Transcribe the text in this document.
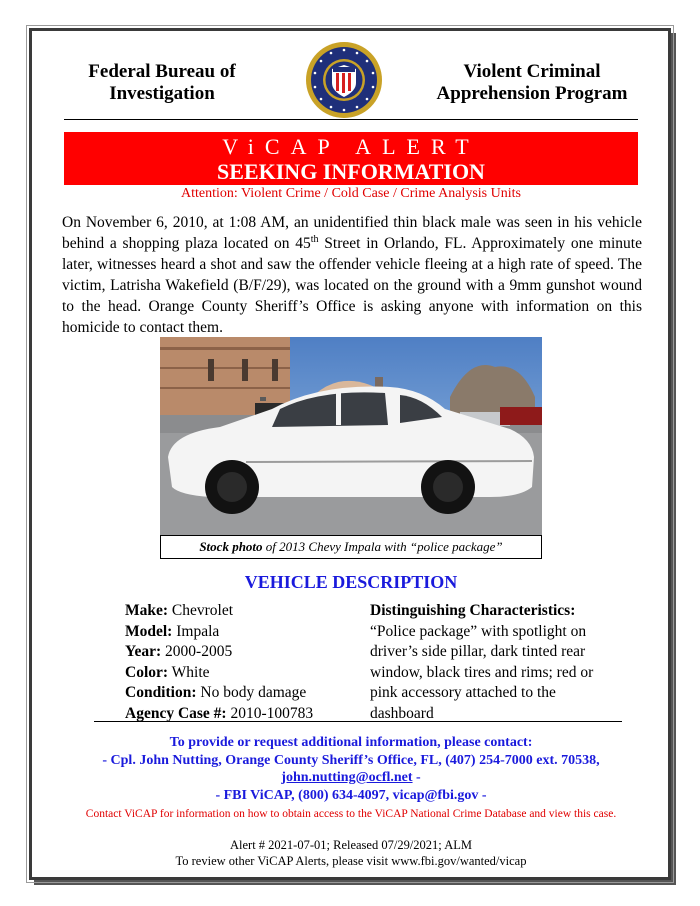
Federal Bureau of
Investigation
Violent Criminal
Apprehension Program
ViCAP ALERT
SEEKING INFORMATION
Attention: Violent Crime / Cold Case / Crime Analysis Units
On November 6, 2010, at 1:08 AM, an unidentified thin black male was seen in his vehicle behind a shopping plaza located on 45th Street in Orlando, FL. Approximately one minute later, witnesses heard a shot and saw the offender vehicle fleeing at a high rate of speed. The victim, Latrisha Wakefield (B/F/29), was located on the ground with a 9mm gunshot wound to the head. Orange County Sheriff’s Office is asking anyone with information on this homicide to contact them.
Stock photo of 2013 Chevy Impala with “police package”
VEHICLE DESCRIPTION
Make: Chevrolet
Model: Impala
Year: 2000-2005
Color: White
Condition: No body damage
Agency Case #: 2010-100783
Distinguishing Characteristics:
“Police package” with spotlight on driver’s side pillar, dark tinted rear window, black tires and rims; red or pink accessory attached to the dashboard
To provide or request additional information, please contact:
- Cpl. John Nutting, Orange County Sheriff’s Office, FL, (407) 254-7000 ext. 70538,
john.nutting@ocfl.net -
- FBI ViCAP, (800) 634-4097, vicap@fbi.gov -
Contact ViCAP for information on how to obtain access to the ViCAP National Crime Database and view this case.
Alert # 2021-07-01; Released 07/29/2021; ALM
To review other ViCAP Alerts, please visit www.fbi.gov/wanted/vicap
